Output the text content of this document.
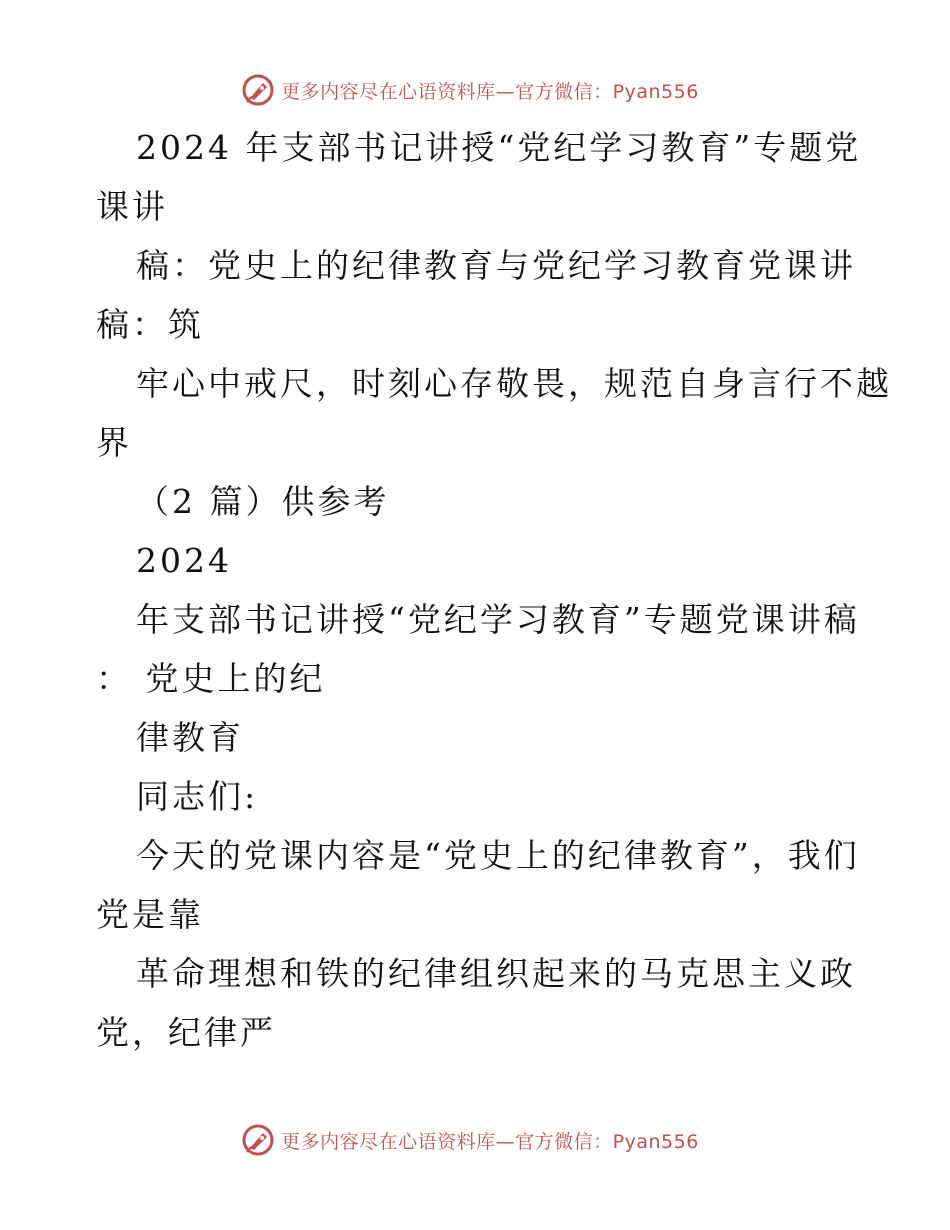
更多内容尽在心语资料库—官方微信：Pyan556
2024 年支部书记讲授“党纪学习教育”专题党
课讲
稿：党史上的纪律教育与党纪学习教育党课讲
稿：筑
牢心中戒尺，时刻心存敬畏，规范自身言行不越
界
（2 篇）供参考
2024
年支部书记讲授“党纪学习教育”专题党课讲稿
： 党史上的纪
律教育
同志们:
今天的党课内容是“党史上的纪律教育”，我们
党是靠
革命理想和铁的纪律组织起来的马克思主义政
党，纪律严
更多内容尽在心语资料库—官方微信：Pyan556
